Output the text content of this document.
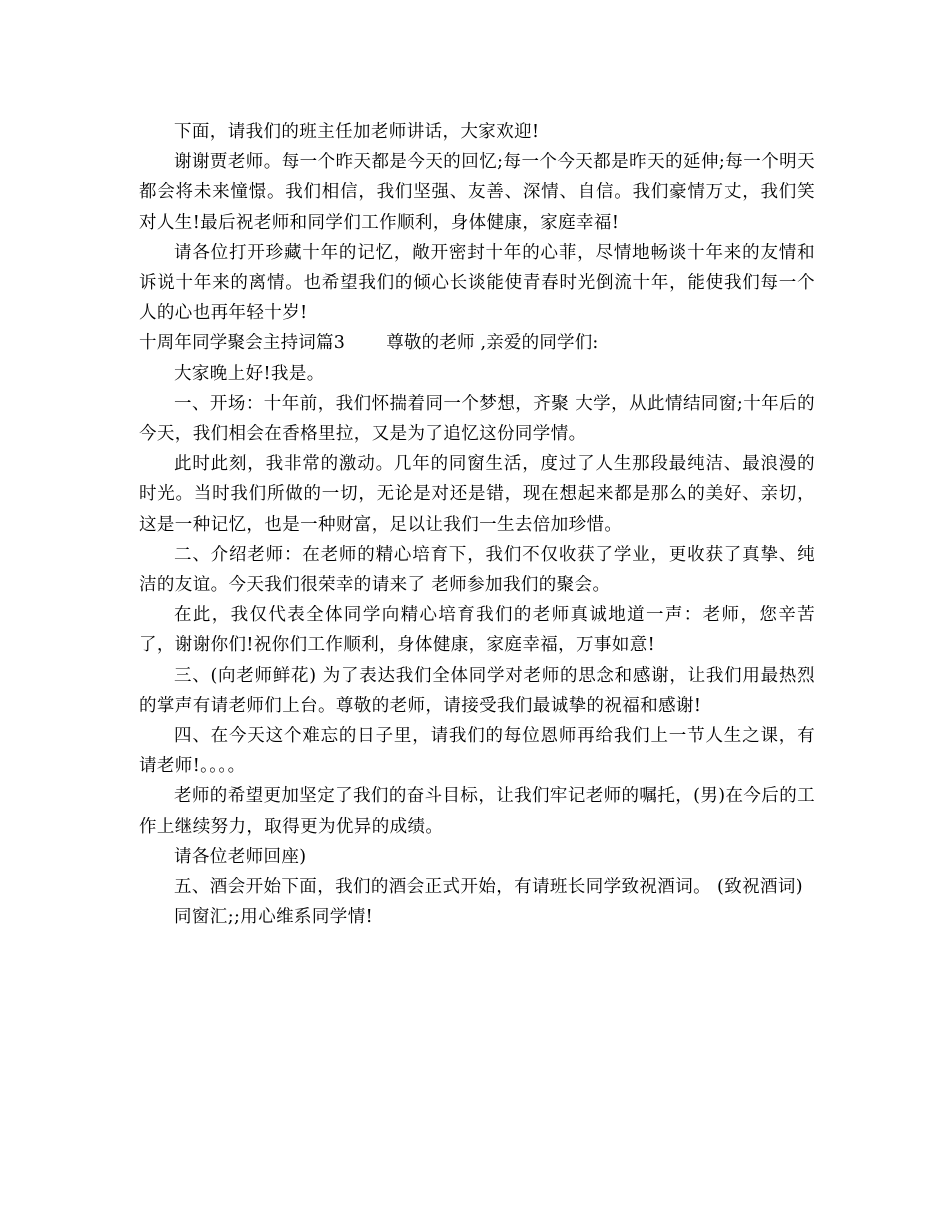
下面，请我们的班主任加老师讲话，大家欢迎!

谢谢贾老师。每一个昨天都是今天的回忆;每一个今天都是昨天的延伸;每一个明天都会将未来憧憬。我们相信，我们坚强、友善、深情、自信。我们豪情万丈，我们笑对人生!最后祝老师和同学们工作顺利，身体健康，家庭幸福!

请各位打开珍藏十年的记忆，敞开密封十年的心菲，尽情地畅谈十年来的友情和诉说十年来的离情。也希望我们的倾心长谈能使青春时光倒流十年，能使我们每一个人的心也再年轻十岁!

十周年同学聚会主持词篇3　　 尊敬的老师 ,亲爱的同学们:

大家晚上好!我是。

一、开场：十年前，我们怀揣着同一个梦想，齐聚 大学，从此情结同窗;十年后的今天，我们相会在香格里拉，又是为了追忆这份同学情。

此时此刻，我非常的激动。几年的同窗生活，度过了人生那段最纯洁、最浪漫的时光。当时我们所做的一切，无论是对还是错，现在想起来都是那么的美好、亲切，这是一种记忆，也是一种财富，足以让我们一生去倍加珍惜。

二、介绍老师：在老师的精心培育下，我们不仅收获了学业，更收获了真挚、纯洁的友谊。今天我们很荣幸的请来了 老师参加我们的聚会。

在此，我仅代表全体同学向精心培育我们的老师真诚地道一声：老师，您辛苦了，谢谢你们!祝你们工作顺利，身体健康，家庭幸福，万事如意!

三、(向老师鲜花) 为了表达我们全体同学对老师的思念和感谢，让我们用最热烈的掌声有请老师们上台。尊敬的老师，请接受我们最诚挚的祝福和感谢!

四、在今天这个难忘的日子里，请我们的每位恩师再给我们上一节人生之课，有请老师!。。。。

老师的希望更加坚定了我们的奋斗目标，让我们牢记老师的嘱托，(男)在今后的工作上继续努力，取得更为优异的成绩。

请各位老师回座)

五、酒会开始下面，我们的酒会正式开始，有请班长同学致祝酒词。 (致祝酒词)

同窗汇;;用心维系同学情!
